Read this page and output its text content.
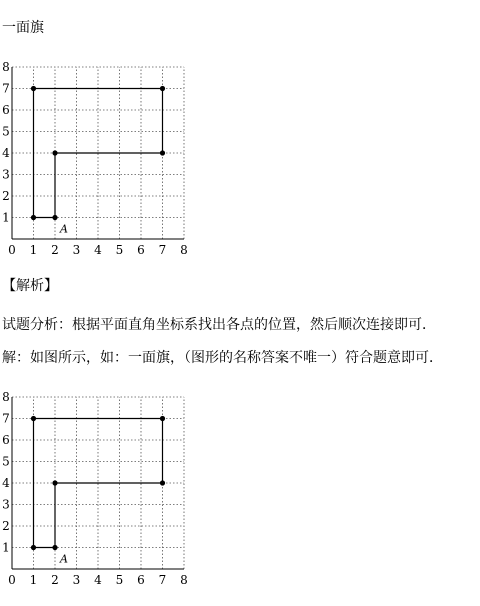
一面旗
0 1 2 3 4 5 6 7 8
1
2
3
4
5
6
7
8
A
【解析】
试题分析：根据平面直角坐标系找出各点的位置，然后顺次连接即可．
解：如图所示，如：一面旗，（图形的名称答案不唯一）符合题意即可．
0 1 2 3 4 5 6 7 8
1
2
3
4
5
6
7
8
A
